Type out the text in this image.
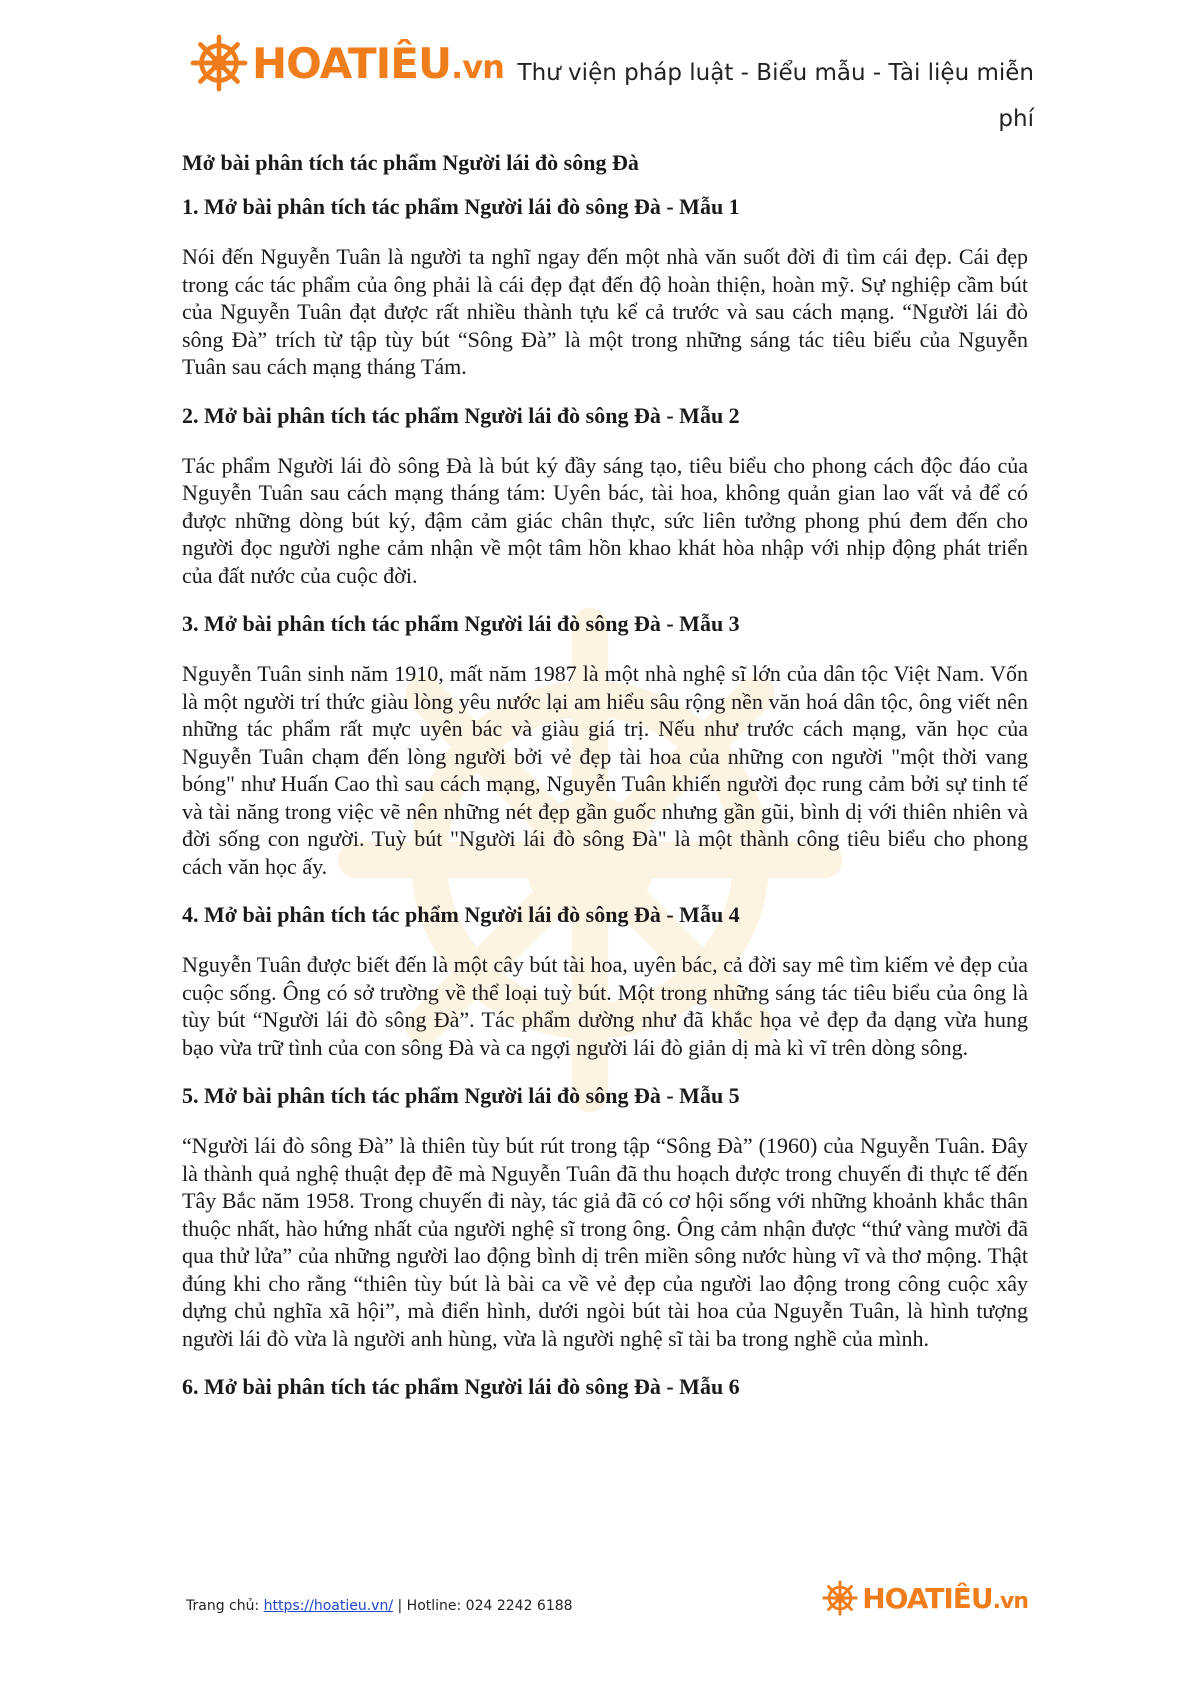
HOATIÊU.vn Thư viện pháp luật - Biểu mẫu - Tài liệu miễn phí
Mở bài phân tích tác phẩm Người lái đò sông Đà
1. Mở bài phân tích tác phẩm Người lái đò sông Đà - Mẫu 1
Nói đến Nguyễn Tuân là người ta nghĩ ngay đến một nhà văn suốt đời đi tìm cái đẹp. Cái đẹp trong các tác phẩm của ông phải là cái đẹp đạt đến độ hoàn thiện, hoàn mỹ. Sự nghiệp cầm bút của Nguyễn Tuân đạt được rất nhiều thành tựu kể cả trước và sau cách mạng. “Người lái đò sông Đà” trích từ tập tùy bút “Sông Đà” là một trong những sáng tác tiêu biểu của Nguyễn Tuân sau cách mạng tháng Tám.
2. Mở bài phân tích tác phẩm Người lái đò sông Đà - Mẫu 2
Tác phẩm Người lái đò sông Đà là bút ký đầy sáng tạo, tiêu biểu cho phong cách độc đáo của Nguyễn Tuân sau cách mạng tháng tám: Uyên bác, tài hoa, không quản gian lao vất vả để có được những dòng bút ký, đậm cảm giác chân thực, sức liên tưởng phong phú đem đến cho người đọc người nghe cảm nhận về một tâm hồn khao khát hòa nhập với nhịp động phát triển của đất nước của cuộc đời.
3. Mở bài phân tích tác phẩm Người lái đò sông Đà - Mẫu 3
Nguyễn Tuân sinh năm 1910, mất năm 1987 là một nhà nghệ sĩ lớn của dân tộc Việt Nam. Vốn là một người trí thức giàu lòng yêu nước lại am hiểu sâu rộng nền văn hoá dân tộc, ông viết nên những tác phẩm rất mực uyên bác và giàu giá trị. Nếu như trước cách mạng, văn học của Nguyễn Tuân chạm đến lòng người bởi vẻ đẹp tài hoa của những con người "một thời vang bóng" như Huấn Cao thì sau cách mạng, Nguyễn Tuân khiến người đọc rung cảm bởi sự tinh tế và tài năng trong việc vẽ nên những nét đẹp gần guốc nhưng gần gũi, bình dị với thiên nhiên và đời sống con người. Tuỳ bút "Người lái đò sông Đà" là một thành công tiêu biểu cho phong cách văn học ấy.
4. Mở bài phân tích tác phẩm Người lái đò sông Đà - Mẫu 4
Nguyễn Tuân được biết đến là một cây bút tài hoa, uyên bác, cả đời say mê tìm kiếm vẻ đẹp của cuộc sống. Ông có sở trường về thể loại tuỳ bút. Một trong những sáng tác tiêu biểu của ông là tùy bút “Người lái đò sông Đà”. Tác phẩm dường như đã khắc họa vẻ đẹp đa dạng vừa hung bạo vừa trữ tình của con sông Đà và ca ngợi người lái đò giản dị mà kì vĩ trên dòng sông.
5. Mở bài phân tích tác phẩm Người lái đò sông Đà - Mẫu 5
“Người lái đò sông Đà” là thiên tùy bút rút trong tập “Sông Đà” (1960) của Nguyễn Tuân. Đây là thành quả nghệ thuật đẹp đẽ mà Nguyễn Tuân đã thu hoạch được trong chuyến đi thực tế đến Tây Bắc năm 1958. Trong chuyến đi này, tác giả đã có cơ hội sống với những khoảnh khắc thân thuộc nhất, hào hứng nhất của người nghệ sĩ trong ông. Ông cảm nhận được “thứ vàng mười đã qua thử lửa” của những người lao động bình dị trên miền sông nước hùng vĩ và thơ mộng. Thật đúng khi cho rằng “thiên tùy bút là bài ca về vẻ đẹp của người lao động trong công cuộc xây dựng chủ nghĩa xã hội”, mà điển hình, dưới ngòi bút tài hoa của Nguyễn Tuân, là hình tượng người lái đò vừa là người anh hùng, vừa là người nghệ sĩ tài ba trong nghề của mình.
6. Mở bài phân tích tác phẩm Người lái đò sông Đà - Mẫu 6
Trang chủ: https://hoatieu.vn/ | Hotline: 024 2242 6188	HOATIÊU.vn
